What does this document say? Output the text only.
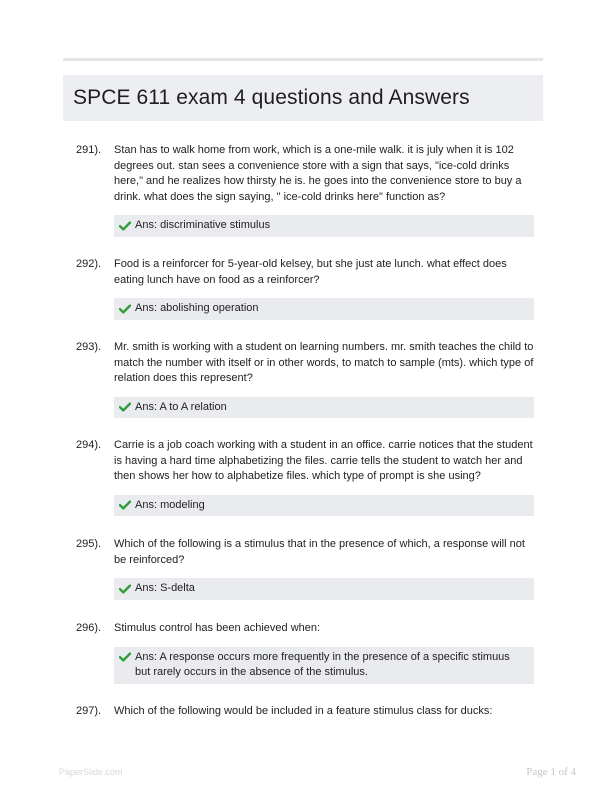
SPCE 611 exam 4 questions and Answers
291). Stan has to walk home from work, which is a one-mile walk. it is july when it is 102 degrees out. stan sees a convenience store with a sign that says, "ice-cold drinks here," and he realizes how thirsty he is. he goes into the convenience store to buy a drink. what does the sign saying, " ice-cold drinks here" function as?
Ans: discriminative stimulus
292). Food is a reinforcer for 5-year-old kelsey, but she just ate lunch. what effect does eating lunch have on food as a reinforcer?
Ans: abolishing operation
293). Mr. smith is working with a student on learning numbers. mr. smith teaches the child to match the number with itself or in other words, to match to sample (mts). which type of relation does this represent?
Ans: A to A relation
294). Carrie is a job coach working with a student in an office. carrie notices that the student is having a hard time alphabetizing the files. carrie tells the student to watch her and then shows her how to alphabetize files. which type of prompt is she using?
Ans: modeling
295). Which of the following is a stimulus that in the presence of which, a response will not be reinforced?
Ans: S-delta
296). Stimulus control has been achieved when:
Ans: A response occurs more frequently in the presence of a specific stimuus but rarely occurs in the absence of the stimulus.
297). Which of the following would be included in a feature stimulus class for ducks:
PaperSlide.com	Page 1 of 4
